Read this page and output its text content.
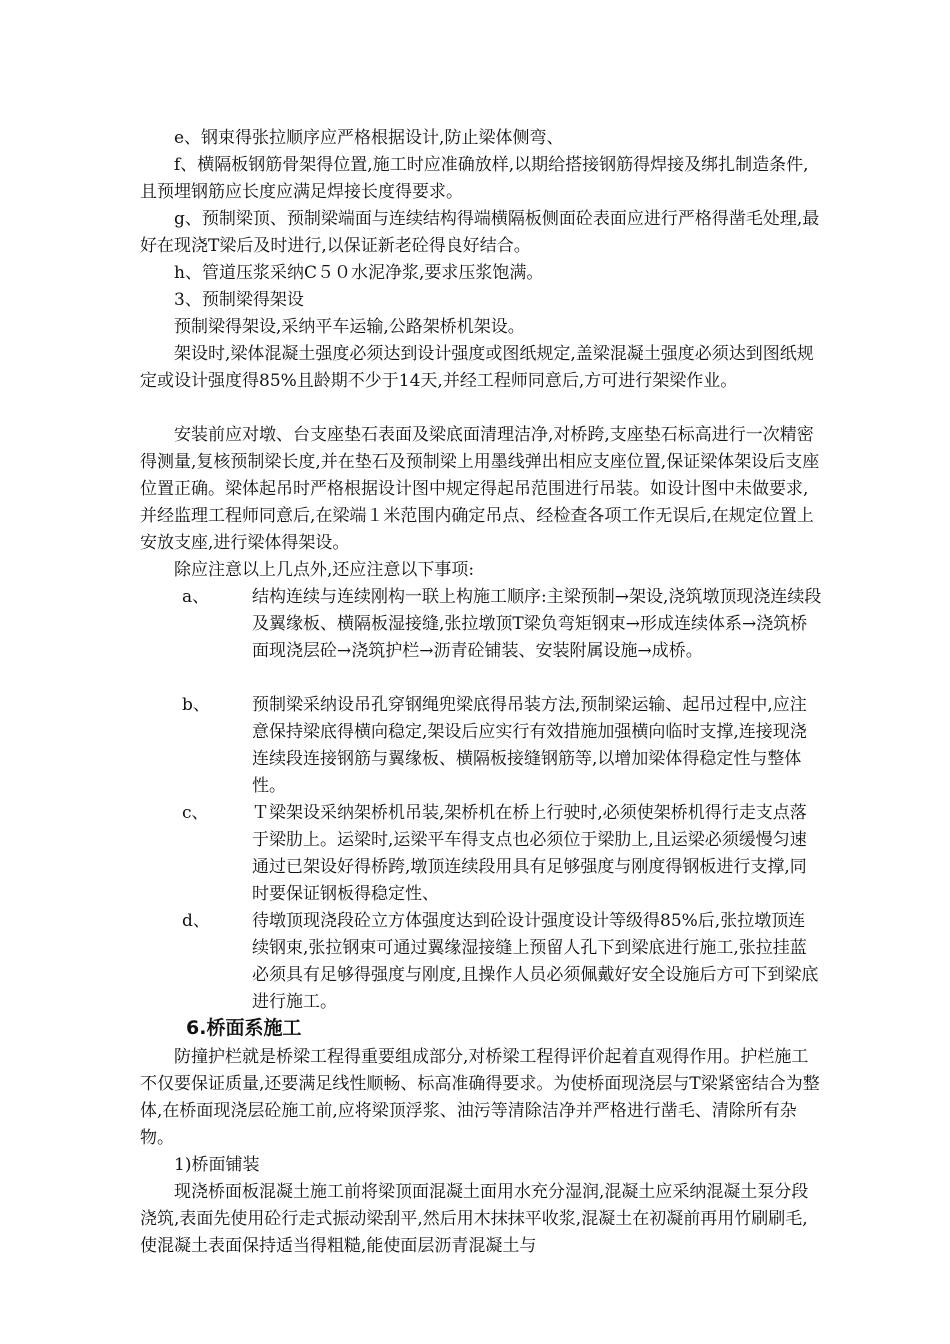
e、钢束得张拉顺序应严格根据设计,防止梁体侧弯、

f、横隔板钢筋骨架得位置,施工时应准确放样,以期给搭接钢筋得焊接及绑扎制造条件,且预埋钢筋应长度应满足焊接长度得要求。

g、预制梁顶、预制梁端面与连续结构得端横隔板侧面砼表面应进行严格得凿毛处理,最好在现浇T梁后及时进行,以保证新老砼得良好结合。

h、管道压浆采纳C５０水泥净浆,要求压浆饱满。

3、预制梁得架设

预制梁得架设,采纳平车运输,公路架桥机架设。

架设时,梁体混凝土强度必须达到设计强度或图纸规定,盖梁混凝土强度必须达到图纸规定或设计强度得85%且龄期不少于14天,并经工程师同意后,方可进行架梁作业。

安装前应对墩、台支座垫石表面及梁底面清理洁净,对桥跨,支座垫石标高进行一次精密得测量,复核预制梁长度,并在垫石及预制梁上用墨线弹出相应支座位置,保证梁体架设后支座位置正确。梁体起吊时严格根据设计图中规定得起吊范围进行吊装。如设计图中未做要求,并经监理工程师同意后,在梁端１米范围内确定吊点、经检查各项工作无误后,在规定位置上安放支座,进行梁体得架设。

除应注意以上几点外,还应注意以下事项:

a、	结构连续与连续刚构一联上构施工顺序:主梁预制→架设,浇筑墩顶现浇连续段及翼缘板、横隔板湿接缝,张拉墩顶T梁负弯矩钢束→形成连续体系→浇筑桥面现浇层砼→浇筑护栏→沥青砼铺装、安装附属设施→成桥。

b、	预制梁采纳设吊孔穿钢绳兜梁底得吊装方法,预制梁运输、起吊过程中,应注意保持梁底得横向稳定,架设后应实行有效措施加强横向临时支撑,连接现浇连续段连接钢筋与翼缘板、横隔板接缝钢筋等,以增加梁体得稳定性与整体性。

c、	Ｔ梁架设采纳架桥机吊装,架桥机在桥上行驶时,必须使架桥机得行走支点落于梁肋上。运梁时,运梁平车得支点也必须位于梁肋上,且运梁必须缓慢匀速通过已架设好得桥跨,墩顶连续段用具有足够强度与刚度得钢板进行支撑,同时要保证钢板得稳定性、

d、	待墩顶现浇段砼立方体强度达到砼设计强度设计等级得85%后,张拉墩顶连续钢束,张拉钢束可通过翼缘湿接缝上预留人孔下到梁底进行施工,张拉挂蓝必须具有足够得强度与刚度,且操作人员必须佩戴好安全设施后方可下到梁底进行施工。

6.桥面系施工

防撞护栏就是桥梁工程得重要组成部分,对桥梁工程得评价起着直观得作用。护栏施工不仅要保证质量,还要满足线性顺畅、标高准确得要求。为使桥面现浇层与T梁紧密结合为整体,在桥面现浇层砼施工前,应将梁顶浮浆、油污等清除洁净并严格进行凿毛、清除所有杂物。

1)桥面铺装

现浇桥面板混凝土施工前将梁顶面混凝土面用水充分湿润,混凝土应采纳混凝土泵分段浇筑,表面先使用砼行走式振动梁刮平,然后用木抹抹平收浆,混凝土在初凝前再用竹刷刷毛,使混凝土表面保持适当得粗糙,能使面层沥青混凝土与
